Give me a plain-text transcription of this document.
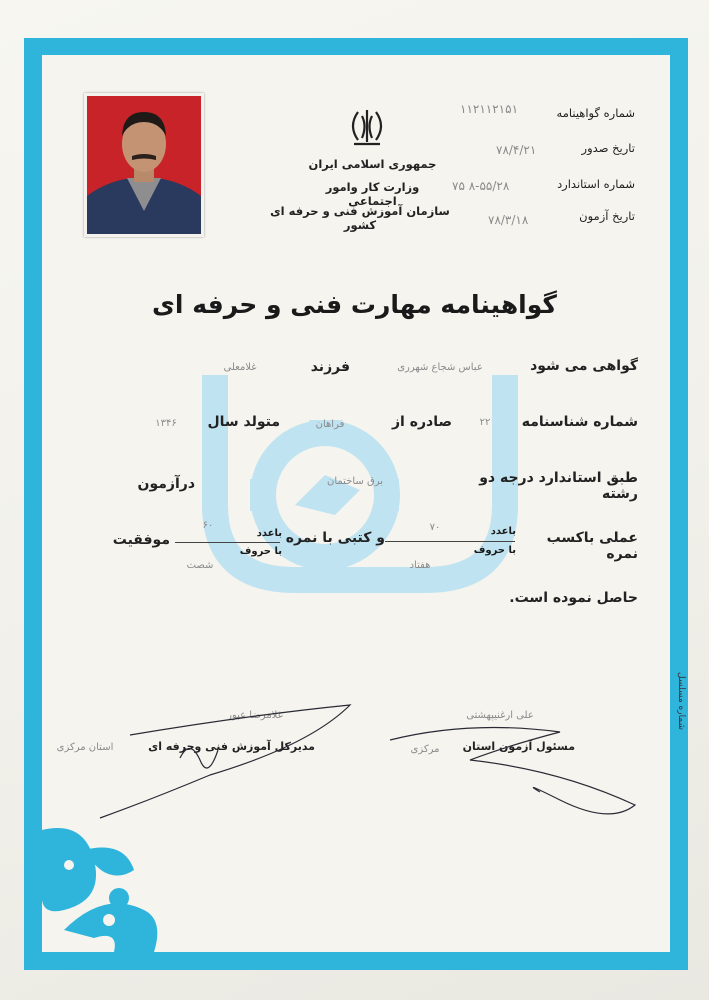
جمهوری اسلامی ایران
وزارت کار وامور اجتماعی
سازمان آموزش فنی و حرفه ای کشور
شماره گواهینامه
۱۱۲۱۱۲۱۵۱
تاریخ صدور
۷۸/۴/۲۱
شماره استاندارد
۷۵ ۸-۵۵/۲۸
تاریخ آزمون
۷۸/۳/۱۸
گواهینامه مهارت فنی و حرفه ای
گواهی می شود
عباس شجاع شهرری
فرزند
غلامعلی
شماره شناسنامه
۲۲
صادره از
فراهان
متولد سال
۱۳۴۶
طبق استاندارد درجه دو رشته
برق ساختمان
درآزمون
عملی باکسب نمره
باعدد
۷۰
با حروف
هفتاد
و کتبی با نمره
باعدد
۶۰
با حروف
شصت
موفقیت
حاصل نموده است.
علی ارغنیپهشتی
مسئول آزمون استان
مرکزی
غلامرضا عبور
مدیرکل آموزش فنی وحرفه ای
استان مرکزی
شماره مسلسل
